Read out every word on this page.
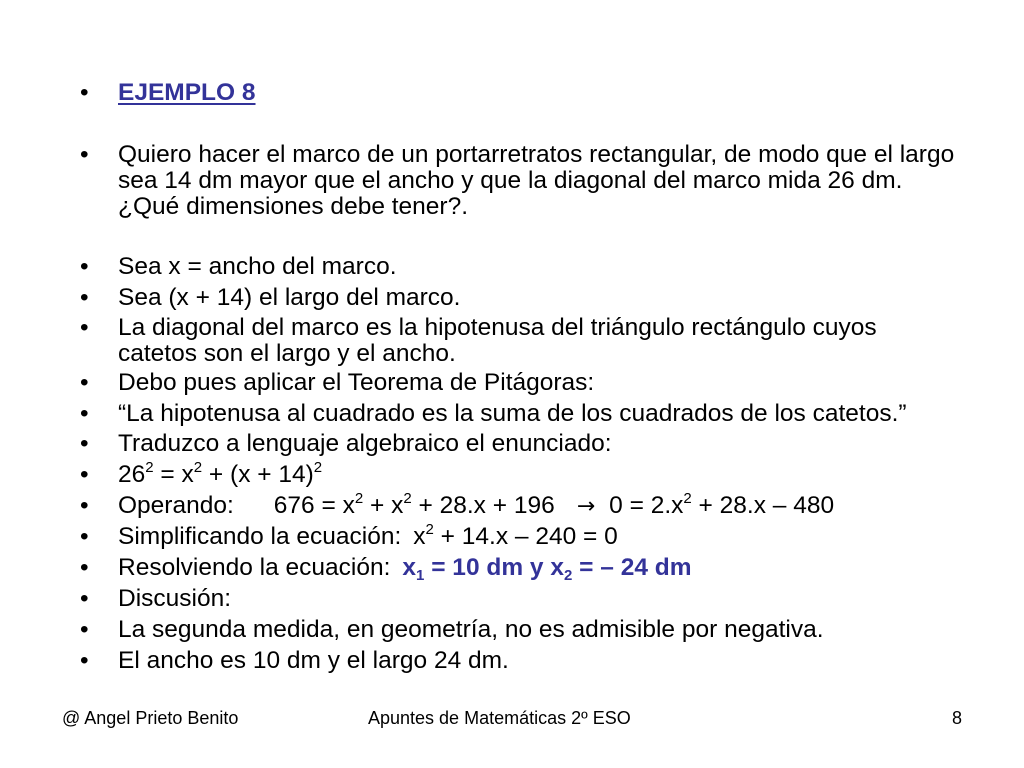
•	EJEMPLO 8
•	Quiero hacer el marco de un portarretratos rectangular, de modo que el largo sea 14 dm mayor que el ancho y que la diagonal del marco mida 26 dm. ¿Qué dimensiones debe tener?.
•	Sea x = ancho del marco.
•	Sea (x + 14) el largo del marco.
•	La diagonal del marco es la hipotenusa del triángulo rectángulo cuyos catetos son el largo y el ancho.
•	Debo pues aplicar el Teorema de Pitágoras:
•	“La hipotenusa al cuadrado es la suma de los cuadrados de los catetos.”
•	Traduzco a lenguaje algebraico el enunciado:
•	$26^2 = x^2 + (x + 14)^2$
•	Operando: $676 = x^2 + x^2 + 28.x + 196 \to 0 = 2.x^2 + 28.x - 480$
•	Simplificando la ecuación: $x^2 + 14.x - 240 = 0$
•	Resolviendo la ecuación: $x_1 = 10$ dm y $x_2$ = – 24 dm
•	Discusión:
•	La segunda medida, en geometría, no es admisible por negativa.
•	El ancho es 10 dm y el largo 24 dm.
@ Angel Prieto Benito	Apuntes de Matemáticas 2º ESO	8
